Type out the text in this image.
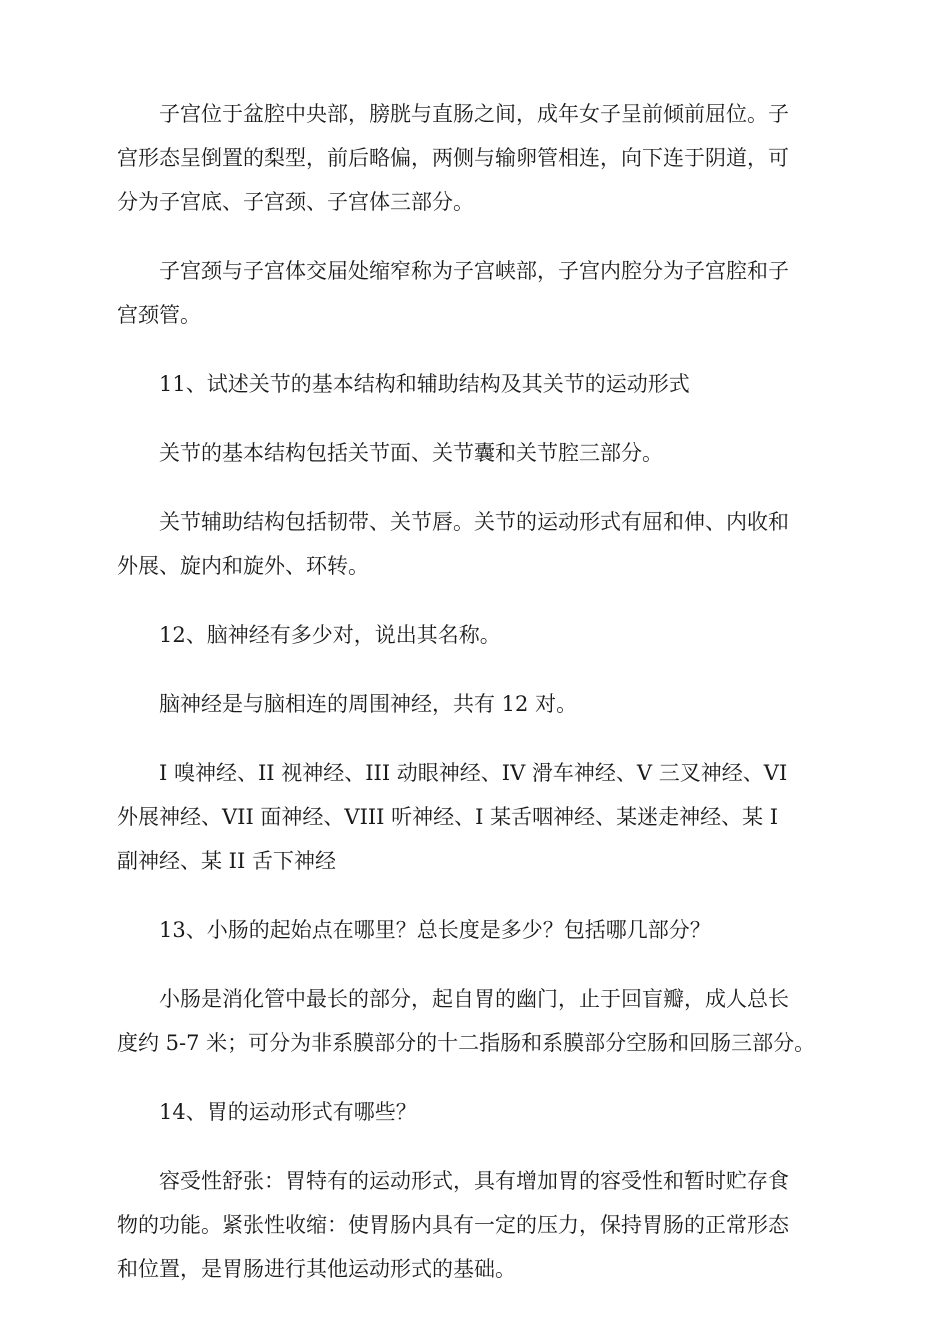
子宫位于盆腔中央部，膀胱与直肠之间，成年女子呈前倾前屈位。子
宫形态呈倒置的梨型，前后略偏，两侧与输卵管相连，向下连于阴道，可
分为子宫底、子宫颈、子宫体三部分。

子宫颈与子宫体交届处缩窄称为子宫峡部，子宫内腔分为子宫腔和子
宫颈管。

11、试述关节的基本结构和辅助结构及其关节的运动形式

关节的基本结构包括关节面、关节囊和关节腔三部分。

关节辅助结构包括韧带、关节唇。关节的运动形式有屈和伸、内收和
外展、旋内和旋外、环转。

12、脑神经有多少对，说出其名称。

脑神经是与脑相连的周围神经，共有 12 对。

I 嗅神经、II 视神经、III 动眼神经、IV 滑车神经、V 三叉神经、VI
外展神经、VII 面神经、VIII 听神经、I 某舌咽神经、某迷走神经、某 I
副神经、某 II 舌下神经

13、小肠的起始点在哪里？总长度是多少？包括哪几部分？

小肠是消化管中最长的部分，起自胃的幽门，止于回盲瓣，成人总长
度约 5-7 米；可分为非系膜部分的十二指肠和系膜部分空肠和回肠三部分。

14、胃的运动形式有哪些？

容受性舒张：胃特有的运动形式，具有增加胃的容受性和暂时贮存食
物的功能。紧张性收缩：使胃肠内具有一定的压力，保持胃肠的正常形态
和位置，是胃肠进行其他运动形式的基础。
